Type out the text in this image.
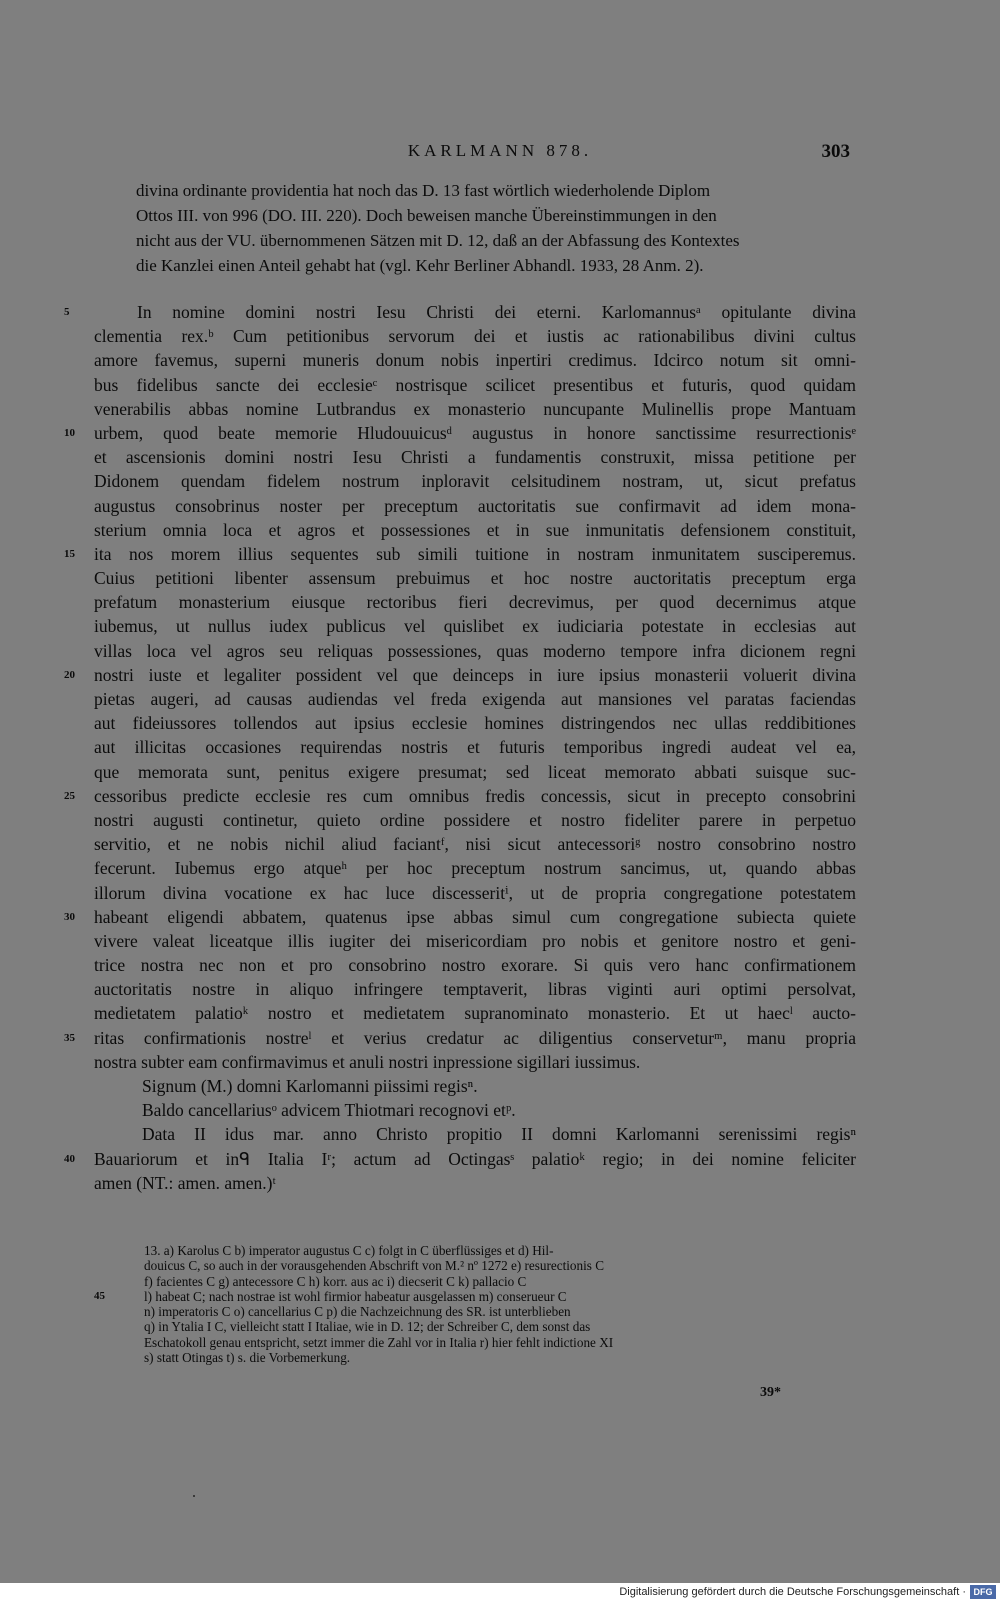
KARLMANN 878.	303

divina ordinante providentia hat noch das D. 13 fast wörtlich wiederholende Diplom

Ottos III. von 996 (DO. III. 220). Doch beweisen manche Übereinstimmungen in den

nicht aus der VU. übernommenen Sätzen mit D. 12, daß an der Abfassung des Kontextes

die Kanzlei einen Anteil gehabt hat (vgl. Kehr Berliner Abhandl. 1933, 28 Anm. 2).

5	In nomine domini nostri Iesu Christi dei eterni. Karlomannusᵃ opitulante divina
clementia rex.ᵇ Cum petitionibus servorum dei et iustis ac rationabilibus divini cultus
amore favemus, superni muneris donum nobis inpertiri credimus. Idcirco notum sit omni-
bus fidelibus sancte dei ecclesieᶜ nostrisque scilicet presentibus et futuris, quod quidam
venerabilis abbas nomine Lutbrandus ex monasterio nuncupante Mulinellis prope Mantuam
10	urbem, quod beate memorie Hludouuicusᵈ augustus in honore sanctissime resurrectionisᵉ
et ascensionis domini nostri Iesu Christi a fundamentis construxit, missa petitione per
Didonem quendam fidelem nostrum inploravit celsitudinem nostram, ut, sicut prefatus
augustus consobrinus noster per preceptum auctoritatis sue confirmavit ad idem mona-
sterium omnia loca et agros et possessiones et in sue inmunitatis defensionem constituit,
15	ita nos morem illius sequentes sub simili tuitione in nostram inmunitatem susciperemus.
Cuius petitioni libenter assensum prebuimus et hoc nostre auctoritatis preceptum erga
prefatum monasterium eiusque rectoribus fieri decrevimus, per quod decernimus atque
iubemus, ut nullus iudex publicus vel quislibet ex iudiciaria potestate in ecclesias aut
villas loca vel agros seu reliquas possessiones, quas moderno tempore infra dicionem regni
20	nostri iuste et legaliter possident vel que deinceps in iure ipsius monasterii voluerit divina
pietas augeri, ad causas audiendas vel freda exigenda aut mansiones vel paratas faciendas
aut fideiussores tollendos aut ipsius ecclesie homines distringendos nec ullas reddibitiones
aut illicitas occasiones requirendas nostris et futuris temporibus ingredi audeat vel ea,
que memorata sunt, penitus exigere presumat; sed liceat memorato abbati suisque suc-
25	cessoribus predicte ecclesie res cum omnibus fredis concessis, sicut in precepto consobrini
nostri augusti continetur, quieto ordine possidere et nostro fideliter parere in perpetuo
servitio, et ne nobis nichil aliud faciantᶠ, nisi sicut antecessoriᵍ nostro consobrino nostro
fecerunt. Iubemus ergo atqueʰ per hoc preceptum nostrum sancimus, ut, quando abbas
illorum divina vocatione ex hac luce discesseritⁱ, ut de propria congregatione potestatem
30	habeant eligendi abbatem, quatenus ipse abbas simul cum congregatione subiecta quiete
vivere valeat liceatque illis iugiter dei misericordiam pro nobis et genitore nostro et geni-
trice nostra nec non et pro consobrino nostro exorare. Si quis vero hanc confirmationem
auctoritatis nostre in aliquo infringere temptaverit, libras viginti auri optimi persolvat,
medietatem palatioᵏ nostro et medietatem supranominato monasterio. Et ut haecˡ aucto-
35	ritas confirmationis nostreˡ et verius credatur ac diligentius conserveturᵐ, manu propria
nostra subter eam confirmavimus et anuli nostri inpressione sigillari iussimus.
Signum (M.) domni Karlomanni piissimi regisⁿ.
Baldo cancellariusᵒ advicem Thiotmari recognovi etᵖ.
Data II idus mar. anno Christo propitio II domni Karlomanni serenissimi regisⁿ
40	Bauariorum et inᑫ Italia Iʳ; actum ad Octingasˢ palatioᵏ regio; in dei nomine feliciter
amen (NT.: amen. amen.)ᵗ
13. a) Karolus C b) imperator augustus C c) folgt in C überflüssiges et d) Hil-
douicus C, so auch in der vorausgehenden Abschrift von M.² nº 1272 e) resurectionis C
f) facientes C g) antecessore C h) korr. aus ac i) diecserit C k) pallacio C
45	l) habeat C; nach nostrae ist wohl firmior habeatur ausgelassen m) conserueur C
n) imperatoris C o) cancellarius C p) die Nachzeichnung des SR. ist unterblieben
q) in Ytalia I C, vielleicht statt I Italiae, wie in D. 12; der Schreiber C, dem sonst das
Eschatokoll genau entspricht, setzt immer die Zahl vor in Italia r) hier fehlt indictione XI
s) statt Otingas t) s. die Vorbemerkung.
39*
Digitalisierung gefördert durch die Deutsche Forschungsgemeinschaft · DFG
